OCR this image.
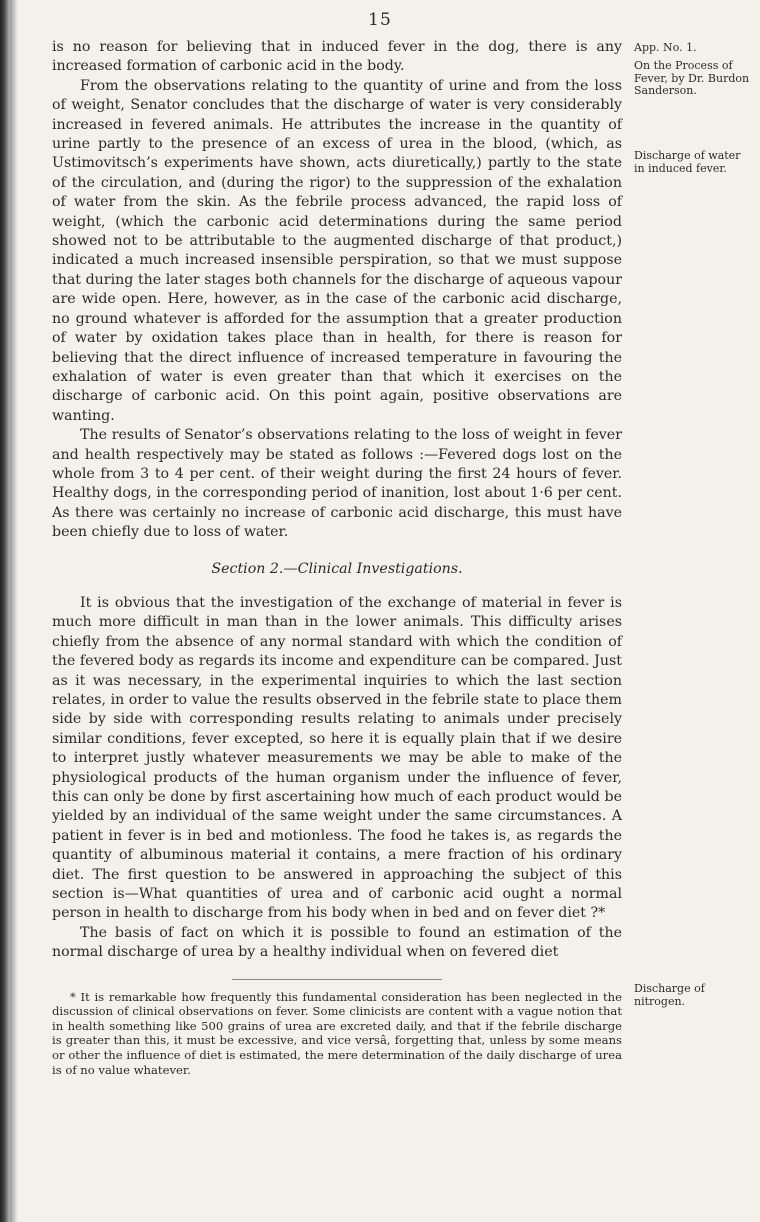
15
App. No. 1.
On the Process of Fever, by Dr. Burdon Sanderson.
Discharge of water in induced fever.
Discharge of nitrogen.

is no reason for believing that in induced fever in the dog, there is any increased formation of carbonic acid in the body.

From the observations relating to the quantity of urine and from the loss of weight, Senator concludes that the discharge of water is very considerably increased in fevered animals. He attributes the increase in the quantity of urine partly to the presence of an excess of urea in the blood, (which, as Ustimovitsch’s experiments have shown, acts diuretically,) partly to the state of the circulation, and (during the rigor) to the suppression of the exhalation of water from the skin. As the febrile process advanced, the rapid loss of weight, (which the carbonic acid determinations during the same period showed not to be attributable to the augmented discharge of that product,) indicated a much increased insensible perspiration, so that we must suppose that during the later stages both channels for the discharge of aqueous vapour are wide open. Here, however, as in the case of the carbonic acid discharge, no ground whatever is afforded for the assumption that a greater production of water by oxidation takes place than in health, for there is reason for believing that the direct influence of increased temperature in favouring the exhalation of water is even greater than that which it exercises on the discharge of carbonic acid. On this point again, positive observations are wanting.

The results of Senator’s observations relating to the loss of weight in fever and health respectively may be stated as follows :—Fevered dogs lost on the whole from 3 to 4 per cent. of their weight during the first 24 hours of fever. Healthy dogs, in the corresponding period of inanition, lost about 1·6 per cent. As there was certainly no increase of carbonic acid discharge, this must have been chiefly due to loss of water.

Section 2.—Clinical Investigations.

It is obvious that the investigation of the exchange of material in fever is much more difficult in man than in the lower animals. This difficulty arises chiefly from the absence of any normal standard with which the condition of the fevered body as regards its income and expenditure can be compared. Just as it was necessary, in the experimental inquiries to which the last section relates, in order to value the results observed in the febrile state to place them side by side with corresponding results relating to animals under precisely similar conditions, fever excepted, so here it is equally plain that if we desire to interpret justly whatever measurements we may be able to make of the physiological products of the human organism under the influence of fever, this can only be done by first ascertaining how much of each product would be yielded by an individual of the same weight under the same circumstances. A patient in fever is in bed and motionless. The food he takes is, as regards the quantity of albuminous material it contains, a mere fraction of his ordinary diet. The first question to be answered in approaching the subject of this section is—What quantities of urea and of carbonic acid ought a normal person in health to discharge from his body when in bed and on fever diet ?*

The basis of fact on which it is possible to found an estimation of the normal discharge of urea by a healthy individual when on fevered diet

* It is remarkable how frequently this fundamental consideration has been neglected in the discussion of clinical observations on fever. Some clinicists are content with a vague notion that in health something like 500 grains of urea are excreted daily, and that if the febrile discharge is greater than this, it must be excessive, and vice versâ, forgetting that, unless by some means or other the influence of diet is estimated, the mere determination of the daily discharge of urea is of no value whatever.
